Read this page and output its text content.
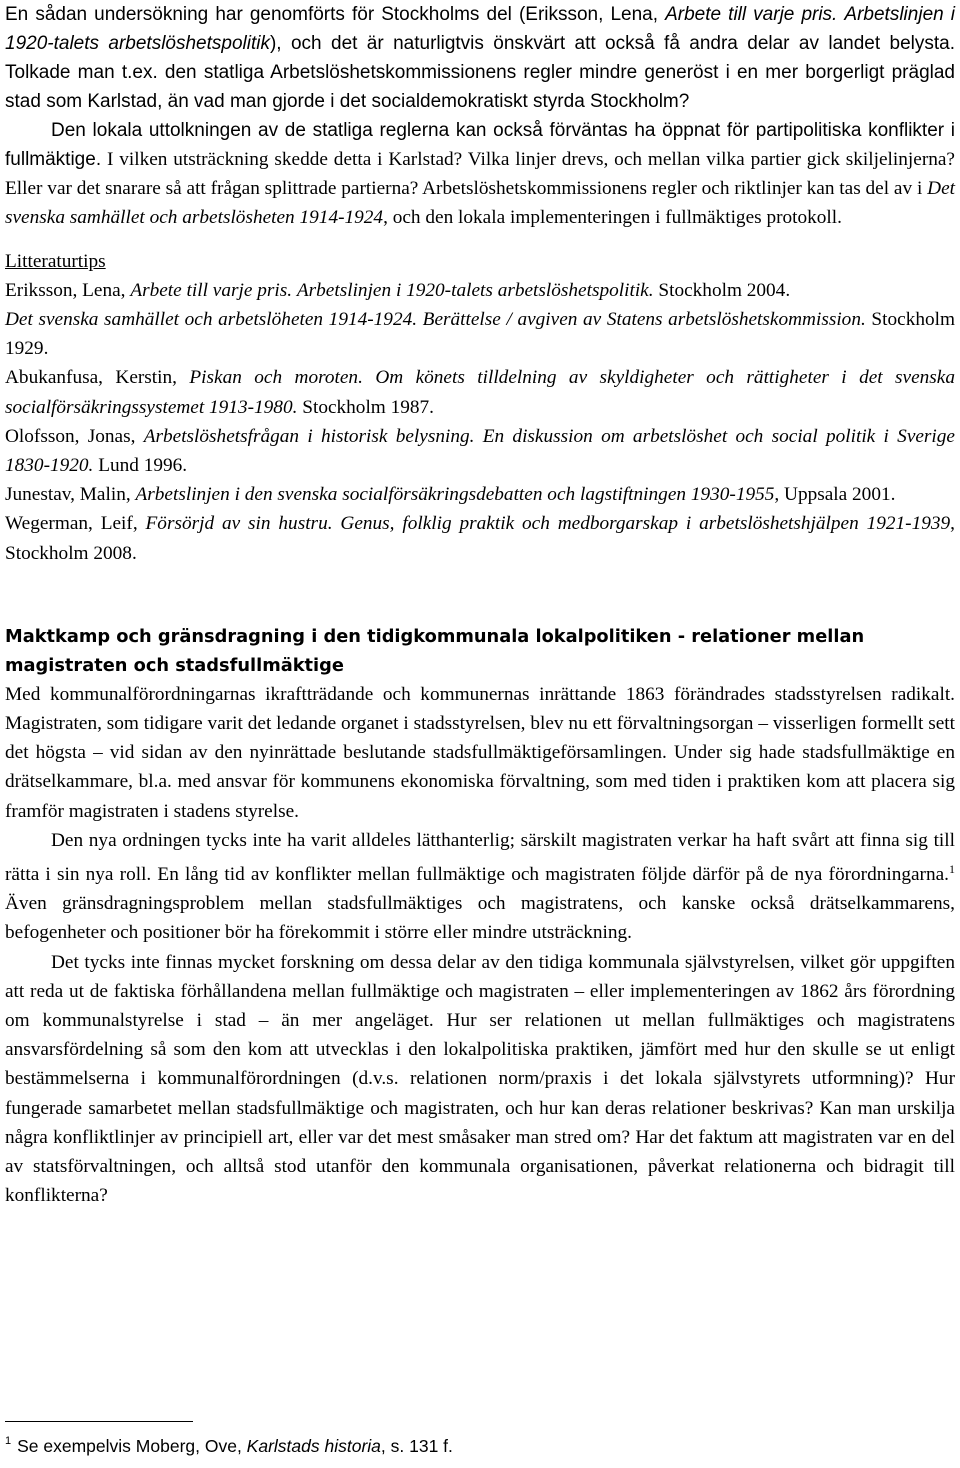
En sådan undersökning har genomförts för Stockholms del (Eriksson, Lena, Arbete till varje pris. Arbetslinjen i 1920-talets arbetslöshetspolitik), och det är naturligtvis önskvärt att också få andra delar av landet belysta. Tolkade man t.ex. den statliga Arbetslöshetskommissionens regler mindre generöst i en mer borgerligt präglad stad som Karlstad, än vad man gjorde i det socialdemokratiskt styrda Stockholm?

Den lokala uttolkningen av de statliga reglerna kan också förväntas ha öppnat för partipolitiska konflikter i fullmäktige. I vilken utsträckning skedde detta i Karlstad? Vilka linjer drevs, och mellan vilka partier gick skiljelinjerna? Eller var det snarare så att frågan splittrade partierna? Arbetslöshetskommissionens regler och riktlinjer kan tas del av i Det svenska samhället och arbetslösheten 1914-1924, och den lokala implementeringen i fullmäktiges protokoll.

Litteraturtips

Eriksson, Lena, Arbete till varje pris. Arbetslinjen i 1920-talets arbetslöshetspolitik. Stockholm 2004.

Det svenska samhället och arbetslöheten 1914-1924. Berättelse / avgiven av Statens arbetslöshetskommission. Stockholm 1929.

Abukanfusa, Kerstin, Piskan och moroten. Om könets tilldelning av skyldigheter och rättigheter i det svenska socialförsäkringssystemet 1913-1980. Stockholm 1987.

Olofsson, Jonas, Arbetslöshetsfrågan i historisk belysning. En diskussion om arbetslöshet och social politik i Sverige 1830-1920. Lund 1996.

Junestav, Malin, Arbetslinjen i den svenska socialförsäkringsdebatten och lagstiftningen 1930-1955, Uppsala 2001.

Wegerman, Leif, Försörjd av sin hustru. Genus, folklig praktik och medborgarskap i arbetslöshetshjälpen 1921-1939, Stockholm 2008.

Maktkamp och gränsdragning i den tidigkommunala lokalpolitiken - relationer mellan magistraten och stadsfullmäktige

Med kommunalförordningarnas ikraftträdande och kommunernas inrättande 1863 förändrades stadsstyrelsen radikalt. Magistraten, som tidigare varit det ledande organet i stadsstyrelsen, blev nu ett förvaltningsorgan – visserligen formellt sett det högsta – vid sidan av den nyinrättade beslutande stadsfullmäktigeförsamlingen. Under sig hade stadsfullmäktige en drätselkammare, bl.a. med ansvar för kommunens ekonomiska förvaltning, som med tiden i praktiken kom att placera sig framför magistraten i stadens styrelse.

Den nya ordningen tycks inte ha varit alldeles lätthanterlig; särskilt magistraten verkar ha haft svårt att finna sig till rätta i sin nya roll. En lång tid av konflikter mellan fullmäktige och magistraten följde därför på de nya förordningarna.$^1$ Även gränsdragningsproblem mellan stadsfullmäktiges och magistratens, och kanske också drätselkammarens, befogenheter och positioner bör ha förekommit i större eller mindre utsträckning.

Det tycks inte finnas mycket forskning om dessa delar av den tidiga kommunala självstyrelsen, vilket gör uppgiften att reda ut de faktiska förhållandena mellan fullmäktige och magistraten – eller implementeringen av 1862 års förordning om kommunalstyrelse i stad – än mer angeläget. Hur ser relationen ut mellan fullmäktiges och magistratens ansvarsfördelning så som den kom att utvecklas i den lokalpolitiska praktiken, jämfört med hur den skulle se ut enligt bestämmelserna i kommunalförordningen (d.v.s. relationen norm/praxis i det lokala självstyrets utformning)? Hur fungerade samarbetet mellan stadsfullmäktige och magistraten, och hur kan deras relationer beskrivas? Kan man urskilja några konfliktlinjer av principiell art, eller var det mest småsaker man stred om? Har det faktum att magistraten var en del av statsförvaltningen, och alltså stod utanför den kommunala organisationen, påverkat relationerna och bidragit till konflikterna?

$^1$ Se exempelvis Moberg, Ove, Karlstads historia, s. 131 f.
